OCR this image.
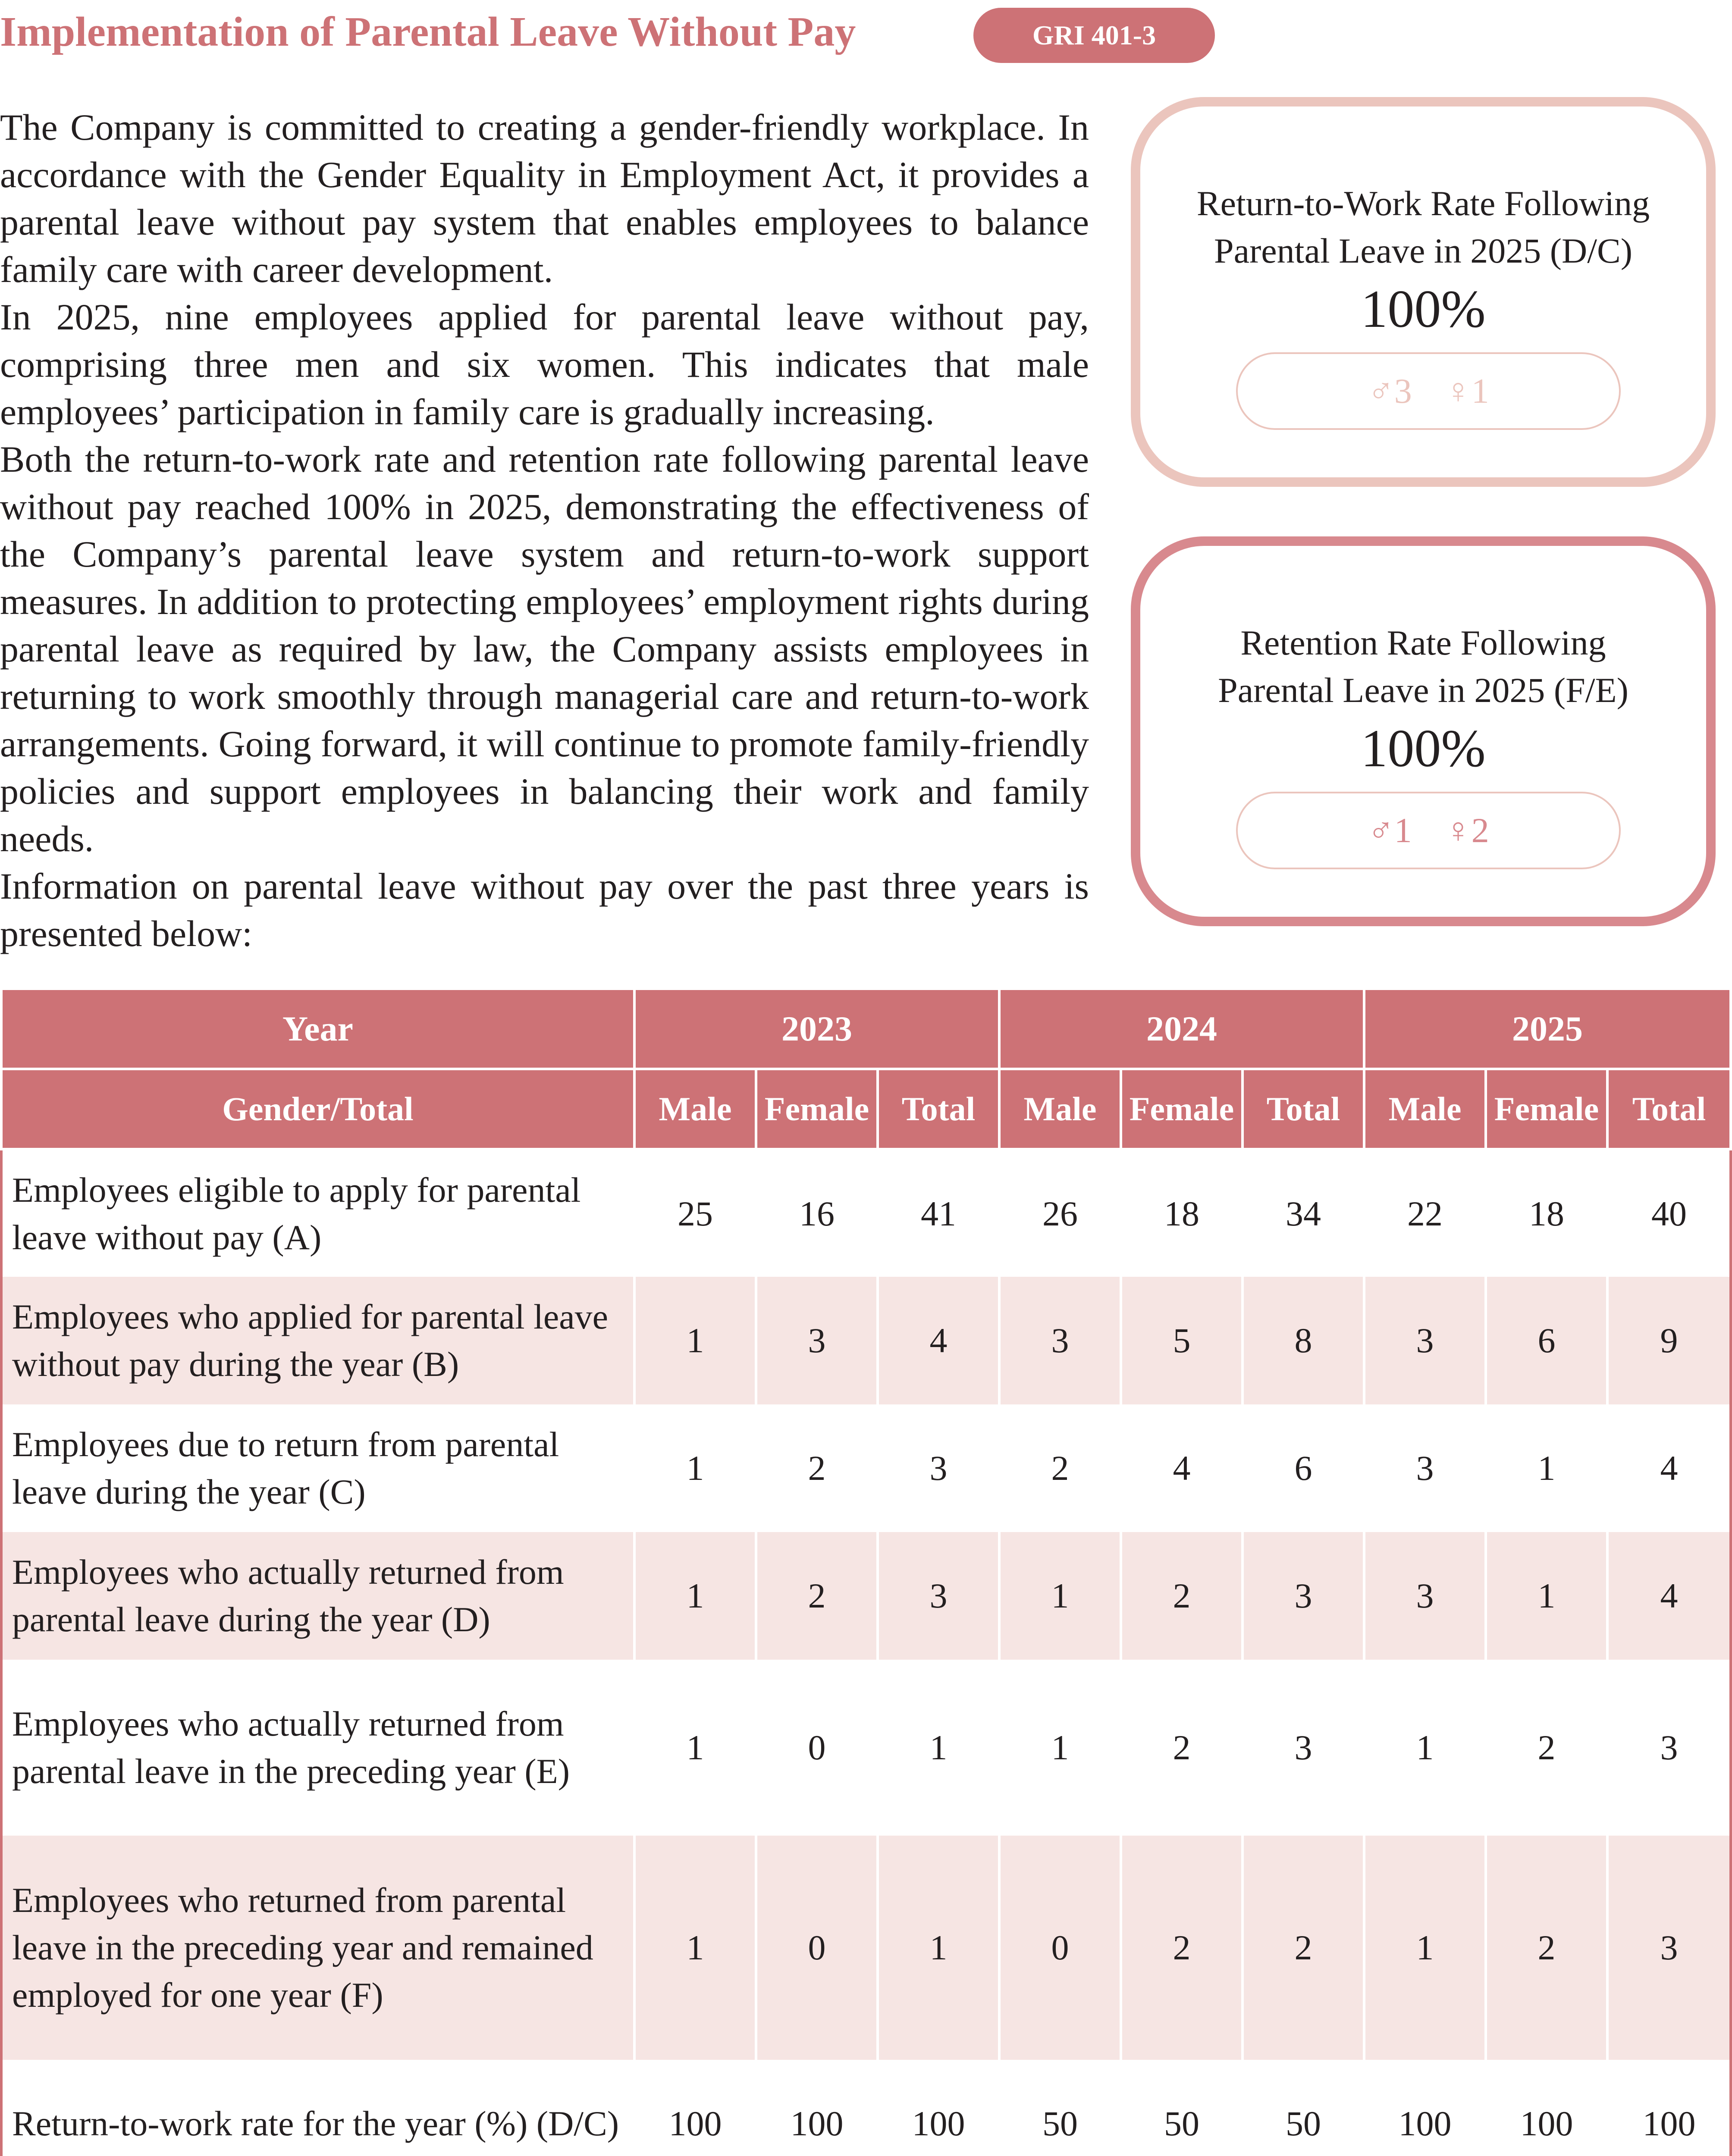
Implementation of Parental Leave Without Pay	GRI 401-3

The Company is committed to creating a gender-friendly workplace. In accordance with the Gender Equality in Employment Act, it provides a parental leave without pay system that enables employees to balance family care with career development.

In 2025, nine employees applied for parental leave without pay, comprising three men and six women. This indicates that male employees’ participation in family care is gradually increasing.

Both the return-to-work rate and retention rate following parental leave without pay reached 100% in 2025, demonstrating the effectiveness of the Company’s parental leave system and return-to-work support measures. In addition to protecting employees’ employment rights during parental leave as required by law, the Company assists employees in returning to work smoothly through managerial care and return-to-work arrangements. Going forward, it will continue to promote family-friendly policies and support employees in balancing their work and family needs.

Information on parental leave without pay over the past three years is presented below:

Return-to-Work Rate Following
Parental Leave in 2025 (D/C)
100%
♂3 ♀1
Retention Rate Following
Parental Leave in 2025 (F/E)
100%
♂1 ♀2
Year	2023			2024			2025		
Gender/Total	Male	Female	Total	Male	Female	Total	Male	Female	Total
Employees eligible to apply for parental leave without pay (A)	25	16	41	26	18	34	22	18	40
Employees who applied for parental leave without pay during the year (B)	1	3	4	3	5	8	3	6	9
Employees due to return from parental leave during the year (C)	1	2	3	2	4	6	3	1	4
Employees who actually returned from parental leave during the year (D)	1	2	3	1	2	3	3	1	4
Employees who actually returned from parental leave in the preceding year (E)	1	0	1	1	2	3	1	2	3
Employees who returned from parental leave in the preceding year and remained employed for one year (F)	1	0	1	0	2	2	1	2	3
Return-to-work rate for the year (%) (D/C)	100	100	100	50	50	50	100	100	100
